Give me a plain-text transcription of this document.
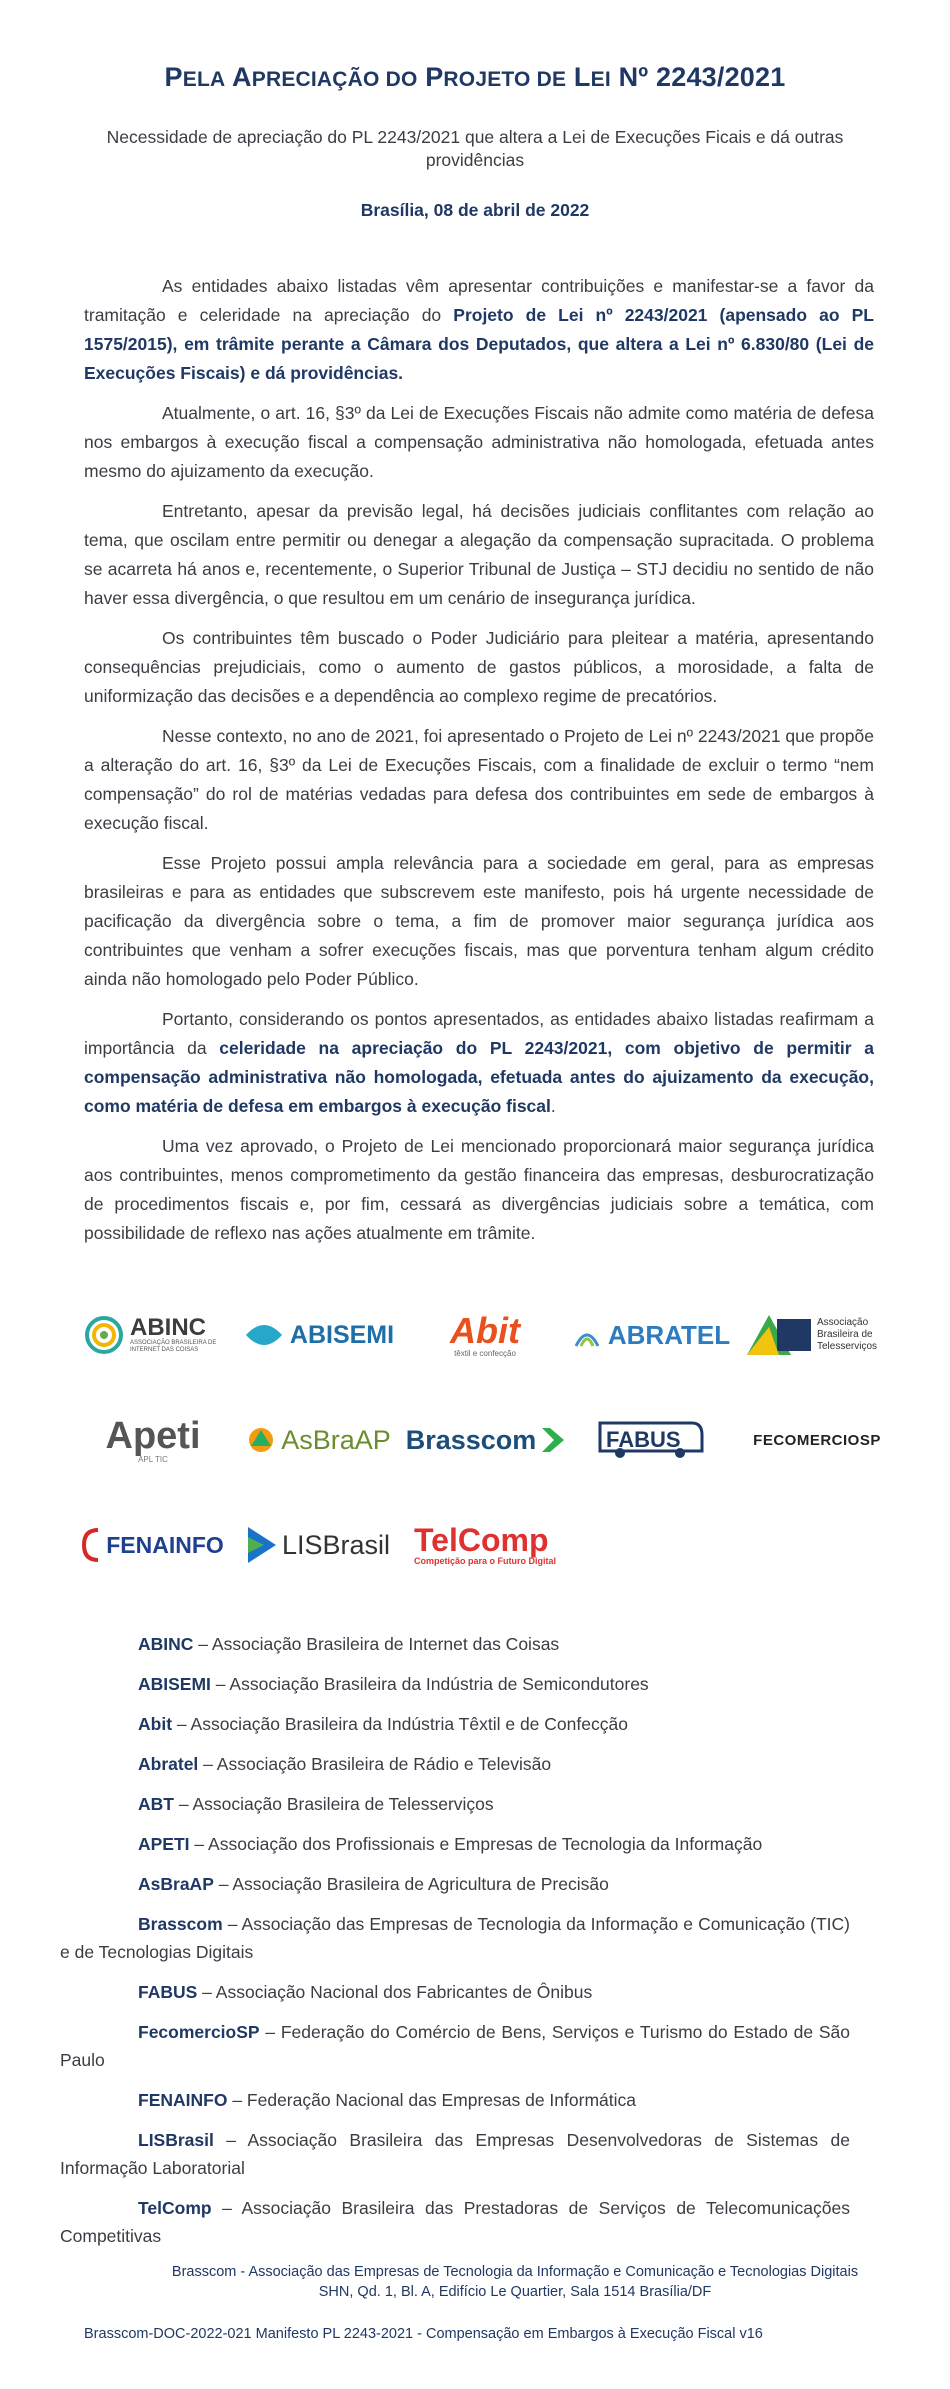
PELA APRECIAÇÃO DO PROJETO DE LEI Nº 2243/2021
Necessidade de apreciação do PL 2243/2021 que altera a Lei de Execuções Ficais e dá outras providências
Brasília, 08 de abril de 2022

As entidades abaixo listadas vêm apresentar contribuições e manifestar-se a favor da tramitação e celeridade na apreciação do Projeto de Lei nº 2243/2021 (apensado ao PL 1575/2015), em trâmite perante a Câmara dos Deputados, que altera a Lei nº 6.830/80 (Lei de Execuções Fiscais) e dá providências.

Atualmente, o art. 16, §3º da Lei de Execuções Fiscais não admite como matéria de defesa nos embargos à execução fiscal a compensação administrativa não homologada, efetuada antes mesmo do ajuizamento da execução.

Entretanto, apesar da previsão legal, há decisões judiciais conflitantes com relação ao tema, que oscilam entre permitir ou denegar a alegação da compensação supracitada. O problema se acarreta há anos e, recentemente, o Superior Tribunal de Justiça – STJ decidiu no sentido de não haver essa divergência, o que resultou em um cenário de insegurança jurídica.

Os contribuintes têm buscado o Poder Judiciário para pleitear a matéria, apresentando consequências prejudiciais, como o aumento de gastos públicos, a morosidade, a falta de uniformização das decisões e a dependência ao complexo regime de precatórios.

Nesse contexto, no ano de 2021, foi apresentado o Projeto de Lei nº 2243/2021 que propõe a alteração do art. 16, §3º da Lei de Execuções Fiscais, com a finalidade de excluir o termo “nem compensação” do rol de matérias vedadas para defesa dos contribuintes em sede de embargos à execução fiscal.

Esse Projeto possui ampla relevância para a sociedade em geral, para as empresas brasileiras e para as entidades que subscrevem este manifesto, pois há urgente necessidade de pacificação da divergência sobre o tema, a fim de promover maior segurança jurídica aos contribuintes que venham a sofrer execuções fiscais, mas que porventura tenham algum crédito ainda não homologado pelo Poder Público.

Portanto, considerando os pontos apresentados, as entidades abaixo listadas reafirmam a importância da celeridade na apreciação do PL 2243/2021, com objetivo de permitir a compensação administrativa não homologada, efetuada antes do ajuizamento da execução, como matéria de defesa em embargos à execução fiscal.

Uma vez aprovado, o Projeto de Lei mencionado proporcionará maior segurança jurídica aos contribuintes, menos comprometimento da gestão financeira das empresas, desburocratização de procedimentos fiscais e, por fim, cessará as divergências judiciais sobre a temática, com possibilidade de reflexo nas ações atualmente em trâmite.

ABINC
ASSOCIAÇÃO BRASILEIRA DE INTERNET DAS COISAS
ABISEMI Abit
têxtil e confecção
ABRATEL	Associação Brasileira de Telesserviços
Apeti
APL TIC
AsBraAP Brasscom	FABUS	FECOMERCIOSP
FENAINFO LISBrasil TelComp
Competição para o Futuro Digital
ABINC – Associação Brasileira de Internet das Coisas
ABISEMI – Associação Brasileira da Indústria de Semicondutores
Abit – Associação Brasileira da Indústria Têxtil e de Confecção
Abratel – Associação Brasileira de Rádio e Televisão
ABT – Associação Brasileira de Telesserviços
APETI – Associação dos Profissionais e Empresas de Tecnologia da Informação
AsBraAP – Associação Brasileira de Agricultura de Precisão
Brasscom – Associação das Empresas de Tecnologia da Informação e Comunicação (TIC) e de Tecnologias Digitais
FABUS – Associação Nacional dos Fabricantes de Ônibus
FecomercioSP – Federação do Comércio de Bens, Serviços e Turismo do Estado de São Paulo
FENAINFO – Federação Nacional das Empresas de Informática
LISBrasil – Associação Brasileira das Empresas Desenvolvedoras de Sistemas de Informação Laboratorial
TelComp – Associação Brasileira das Prestadoras de Serviços de Telecomunicações Competitivas
Brasscom - Associação das Empresas de Tecnologia da Informação e Comunicação e Tecnologias Digitais
SHN, Qd. 1, Bl. A, Edifício Le Quartier, Sala 1514 Brasília/DF
Brasscom-DOC-2022-021 Manifesto PL 2243-2021 - Compensação em Embargos à Execução Fiscal v16
